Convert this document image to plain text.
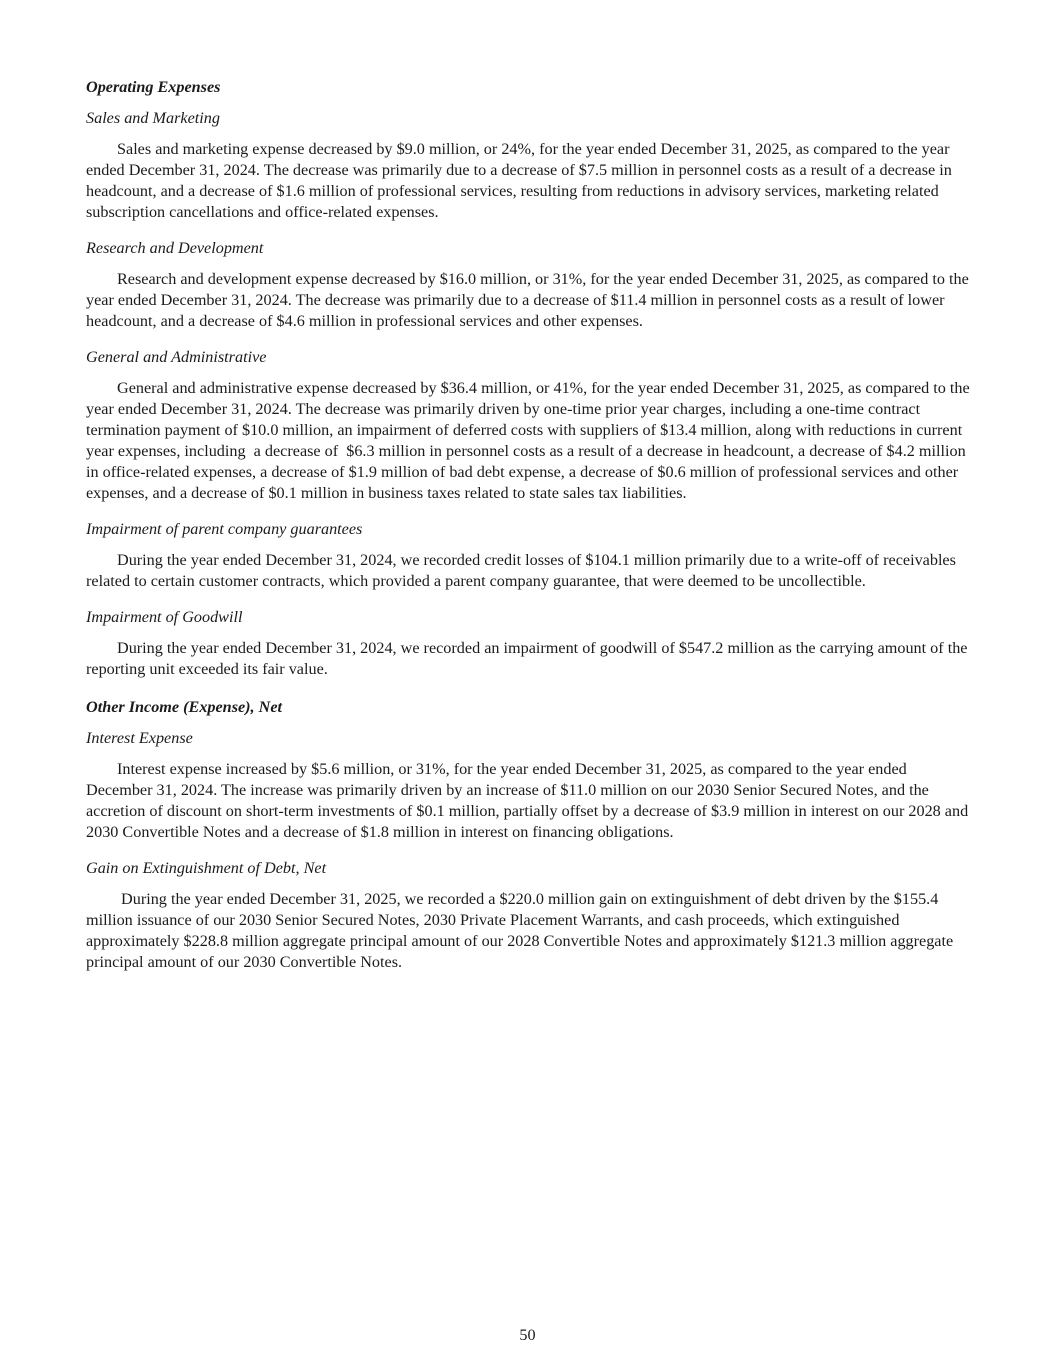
Operating Expenses
Sales and Marketing
Sales and marketing expense decreased by $9.0 million, or 24%, for the year ended December 31, 2025, as compared to the year ended December 31, 2024. The decrease was primarily due to a decrease of $7.5 million in personnel costs as a result of a decrease in headcount, and a decrease of $1.6 million of professional services, resulting from reductions in advisory services, marketing related subscription cancellations and office-related expenses.
Research and Development
Research and development expense decreased by $16.0 million, or 31%, for the year ended December 31, 2025, as compared to the year ended December 31, 2024. The decrease was primarily due to a decrease of $11.4 million in personnel costs as a result of lower headcount, and a decrease of $4.6 million in professional services and other expenses.
General and Administrative
General and administrative expense decreased by $36.4 million, or 41%, for the year ended December 31, 2025, as compared to the year ended December 31, 2024. The decrease was primarily driven by one-time prior year charges, including a one-time contract termination payment of $10.0 million, an impairment of deferred costs with suppliers of $13.4 million, along with reductions in current year expenses, including  a decrease of  $6.3 million in personnel costs as a result of a decrease in headcount, a decrease of $4.2 million in office-related expenses, a decrease of $1.9 million of bad debt expense, a decrease of $0.6 million of professional services and other expenses, and a decrease of $0.1 million in business taxes related to state sales tax liabilities.
Impairment of parent company guarantees
During the year ended December 31, 2024, we recorded credit losses of $104.1 million primarily due to a write-off of receivables related to certain customer contracts, which provided a parent company guarantee, that were deemed to be uncollectible.
Impairment of Goodwill
During the year ended December 31, 2024, we recorded an impairment of goodwill of $547.2 million as the carrying amount of the reporting unit exceeded its fair value.
Other Income (Expense), Net
Interest Expense
Interest expense increased by $5.6 million, or 31%, for the year ended December 31, 2025, as compared to the year ended December 31, 2024. The increase was primarily driven by an increase of $11.0 million on our 2030 Senior Secured Notes, and the accretion of discount on short-term investments of $0.1 million, partially offset by a decrease of $3.9 million in interest on our 2028 and 2030 Convertible Notes and a decrease of $1.8 million in interest on financing obligations.
Gain on Extinguishment of Debt, Net
During the year ended December 31, 2025, we recorded a $220.0 million gain on extinguishment of debt driven by the $155.4 million issuance of our 2030 Senior Secured Notes, 2030 Private Placement Warrants, and cash proceeds, which extinguished approximately $228.8 million aggregate principal amount of our 2028 Convertible Notes and approximately $121.3 million aggregate principal amount of our 2030 Convertible Notes.
50
